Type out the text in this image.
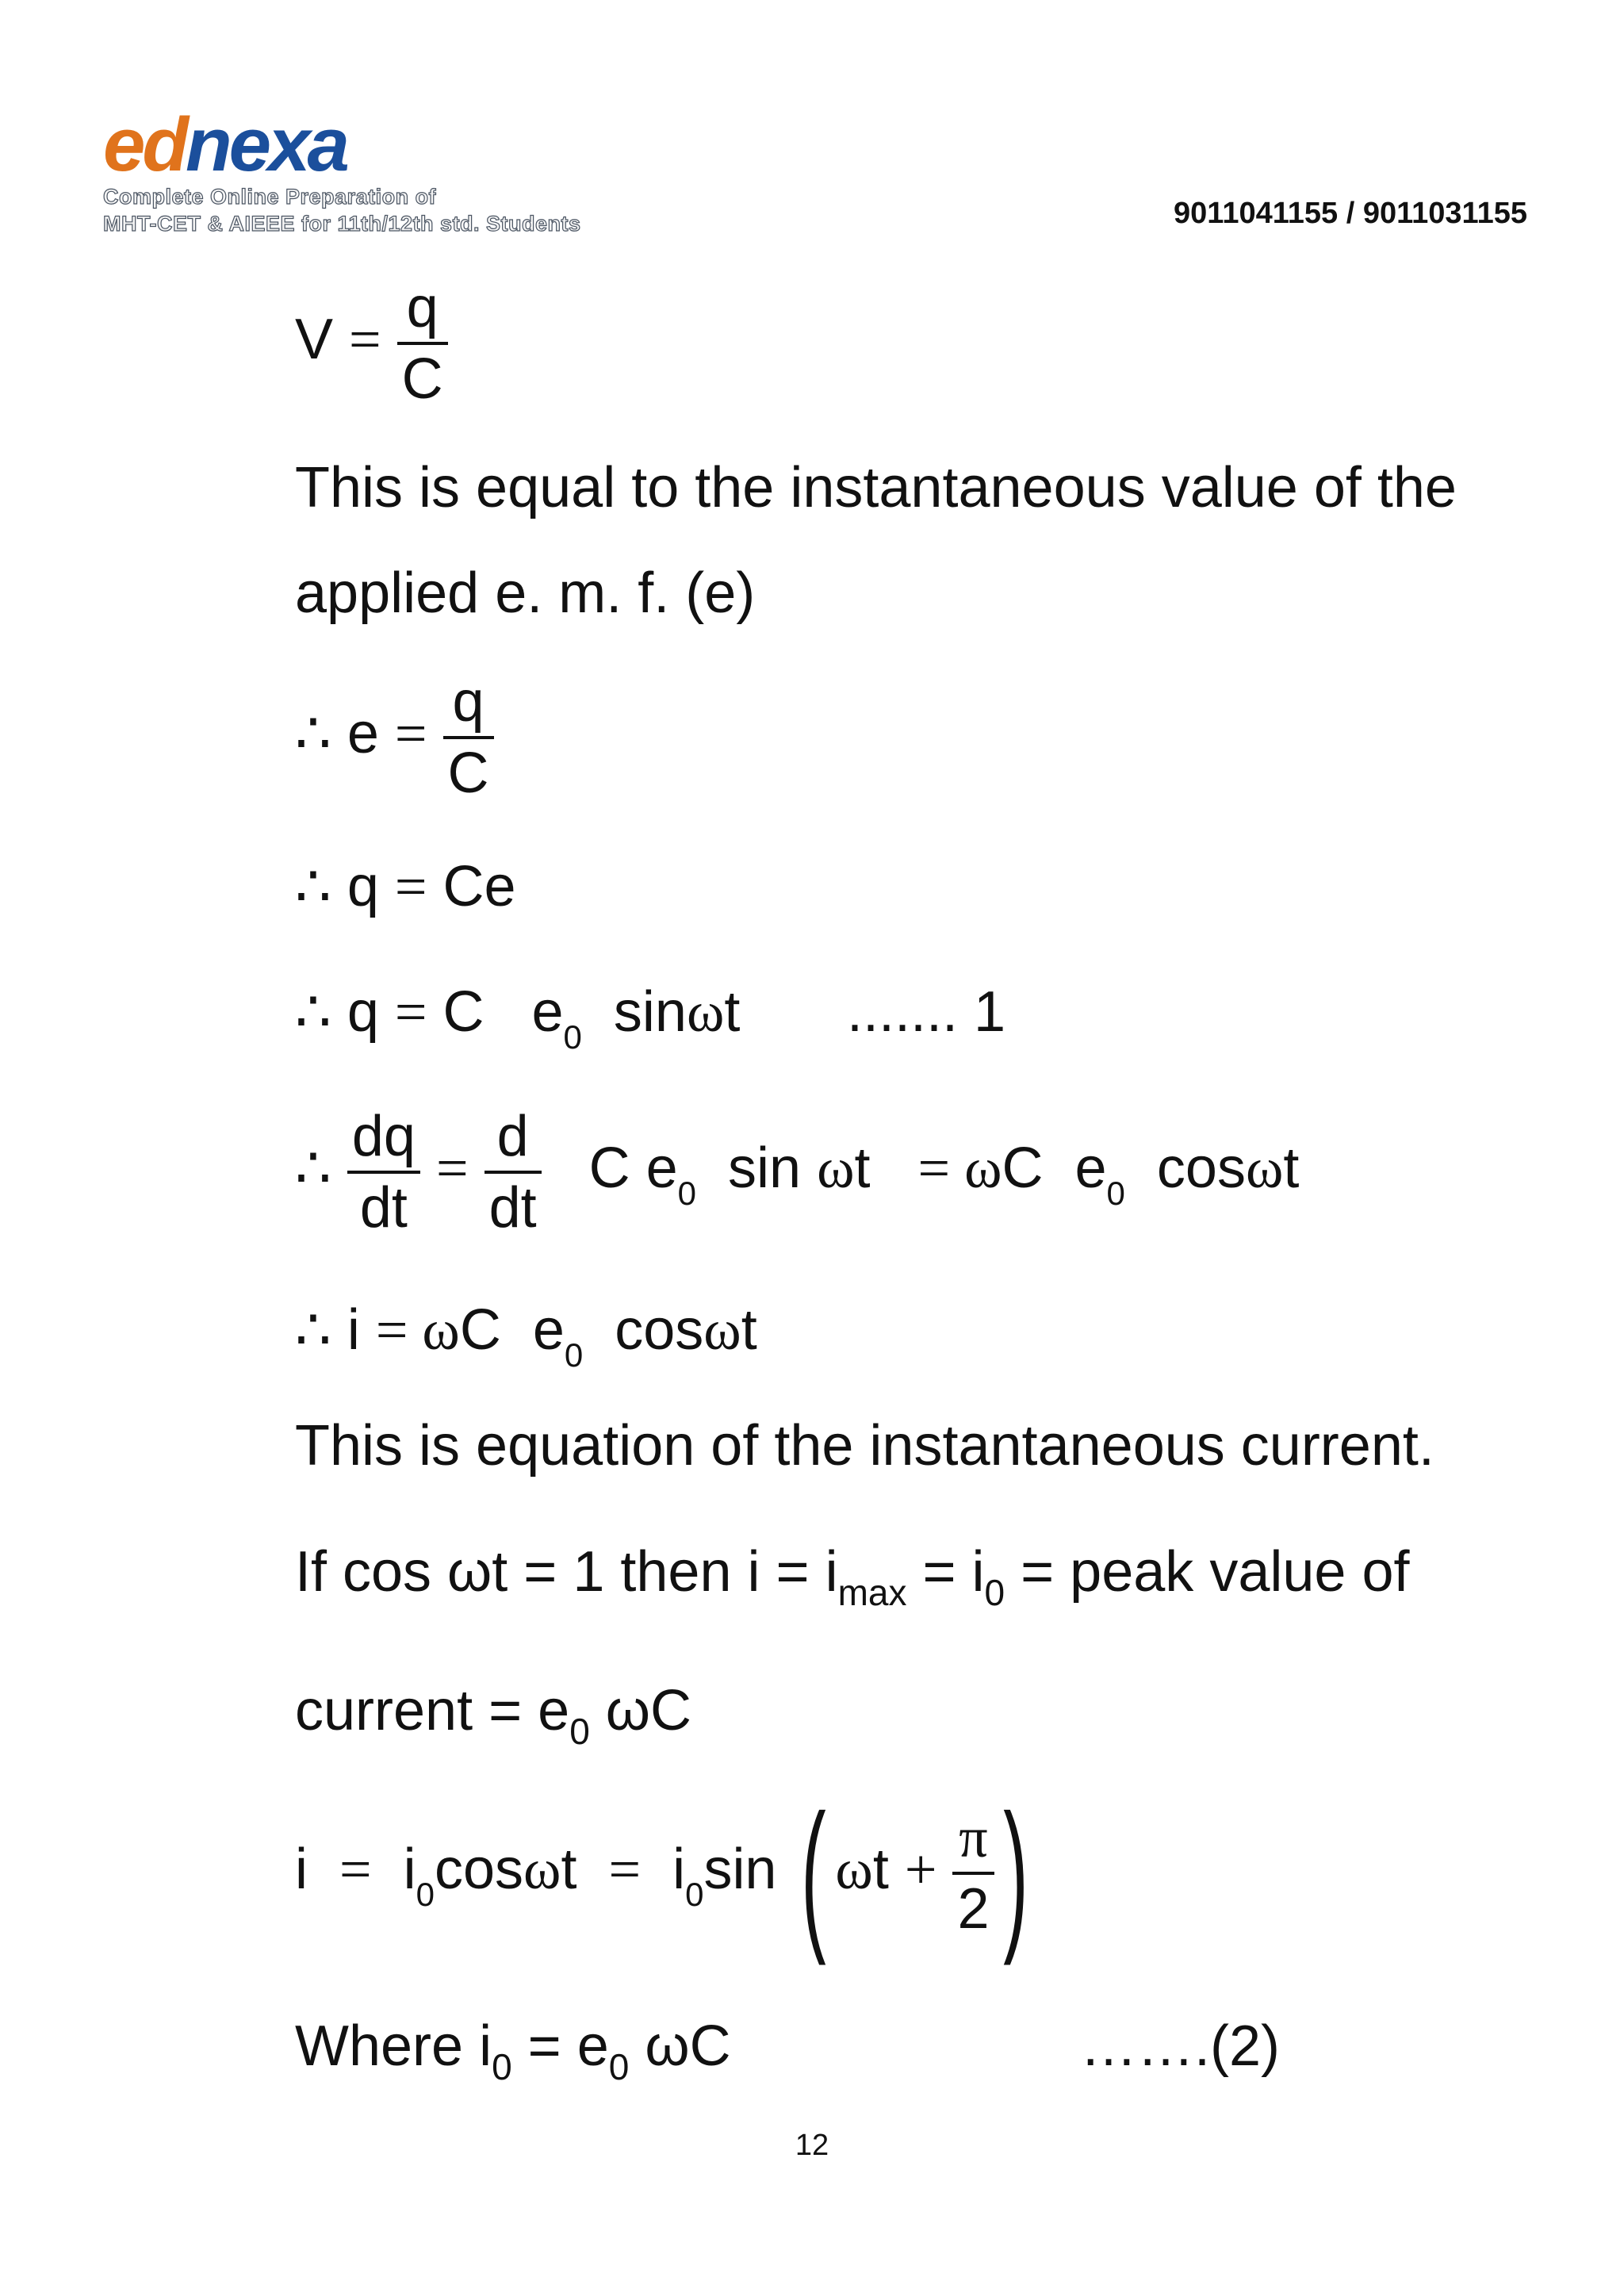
ednexa
Complete Online Preparation of
MHT-CET & AIEEE for 11th/12th std. Students	9011041155 / 9011031155
$V = \frac{q}{C}$
This is equal to the instantaneous value of the
applied e. m. f. (e)
∴ $e = \frac{q}{C}$
∴ q = Ce
∴ q = C   $e_0$  sinωt ....... 1
∴ $\frac{dq}{dt} = \frac{d}{dt}$ C $e_0$  sin ωt   = ωC  $e_0$  cosωt
∴ i = ωC  $e_0$  cosωt
This is equation of the instantaneous current.
If cos ωt = 1 then $i = i_{max} = i_0$ = peak value of
current = $e_0$ ωC
$i = i_0\cos\omega t = i_0\sin$ ( $\omega t + \frac{\pi}{2}$ )
Where $i_0 = e_0$ ωC	…….(2)
12
